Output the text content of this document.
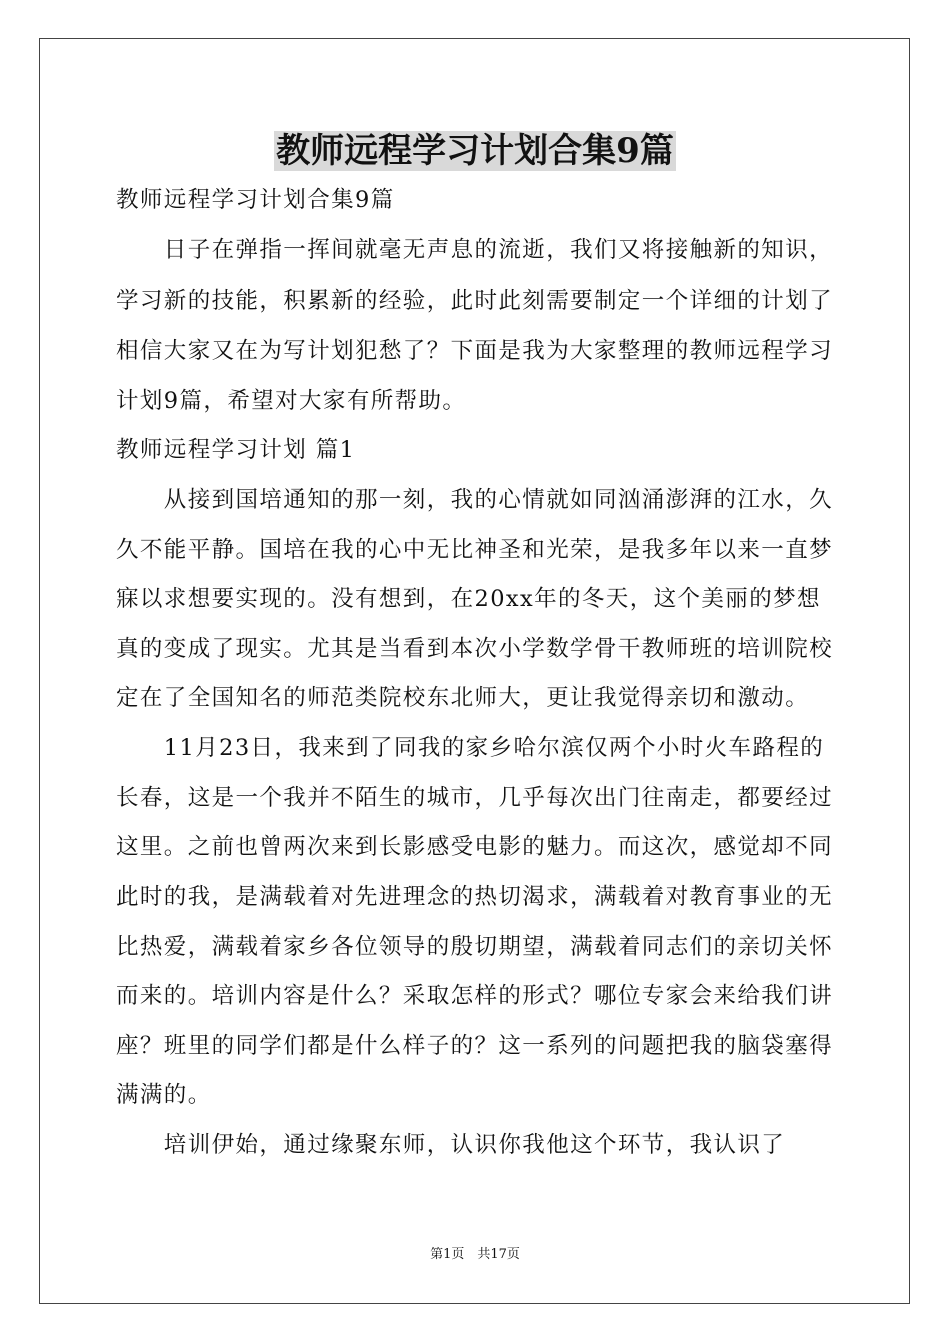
教师远程学习计划合集9篇
教师远程学习计划合集9篇
　　日子在弹指一挥间就毫无声息的流逝，我们又将接触新的知识，
学习新的技能，积累新的经验，此时此刻需要制定一个详细的计划了
相信大家又在为写计划犯愁了？下面是我为大家整理的教师远程学习
计划9篇，希望对大家有所帮助。
教师远程学习计划 篇1
　　从接到国培通知的那一刻，我的心情就如同汹涌澎湃的江水，久
久不能平静。国培在我的心中无比神圣和光荣，是我多年以来一直梦
寐以求想要实现的。没有想到，在20xx年的冬天，这个美丽的梦想
真的变成了现实。尤其是当看到本次小学数学骨干教师班的培训院校
定在了全国知名的师范类院校东北师大，更让我觉得亲切和激动。
　　11月23日，我来到了同我的家乡哈尔滨仅两个小时火车路程的
长春，这是一个我并不陌生的城市，几乎每次出门往南走，都要经过
这里。之前也曾两次来到长影感受电影的魅力。而这次，感觉却不同
此时的我，是满载着对先进理念的热切渴求，满载着对教育事业的无
比热爱，满载着家乡各位领导的殷切期望，满载着同志们的亲切关怀
而来的。培训内容是什么？采取怎样的形式？哪位专家会来给我们讲
座？班里的同学们都是什么样子的？这一系列的问题把我的脑袋塞得
满满的。
　　培训伊始，通过缘聚东师，认识你我他这个环节，我认识了
第1页　共17页
